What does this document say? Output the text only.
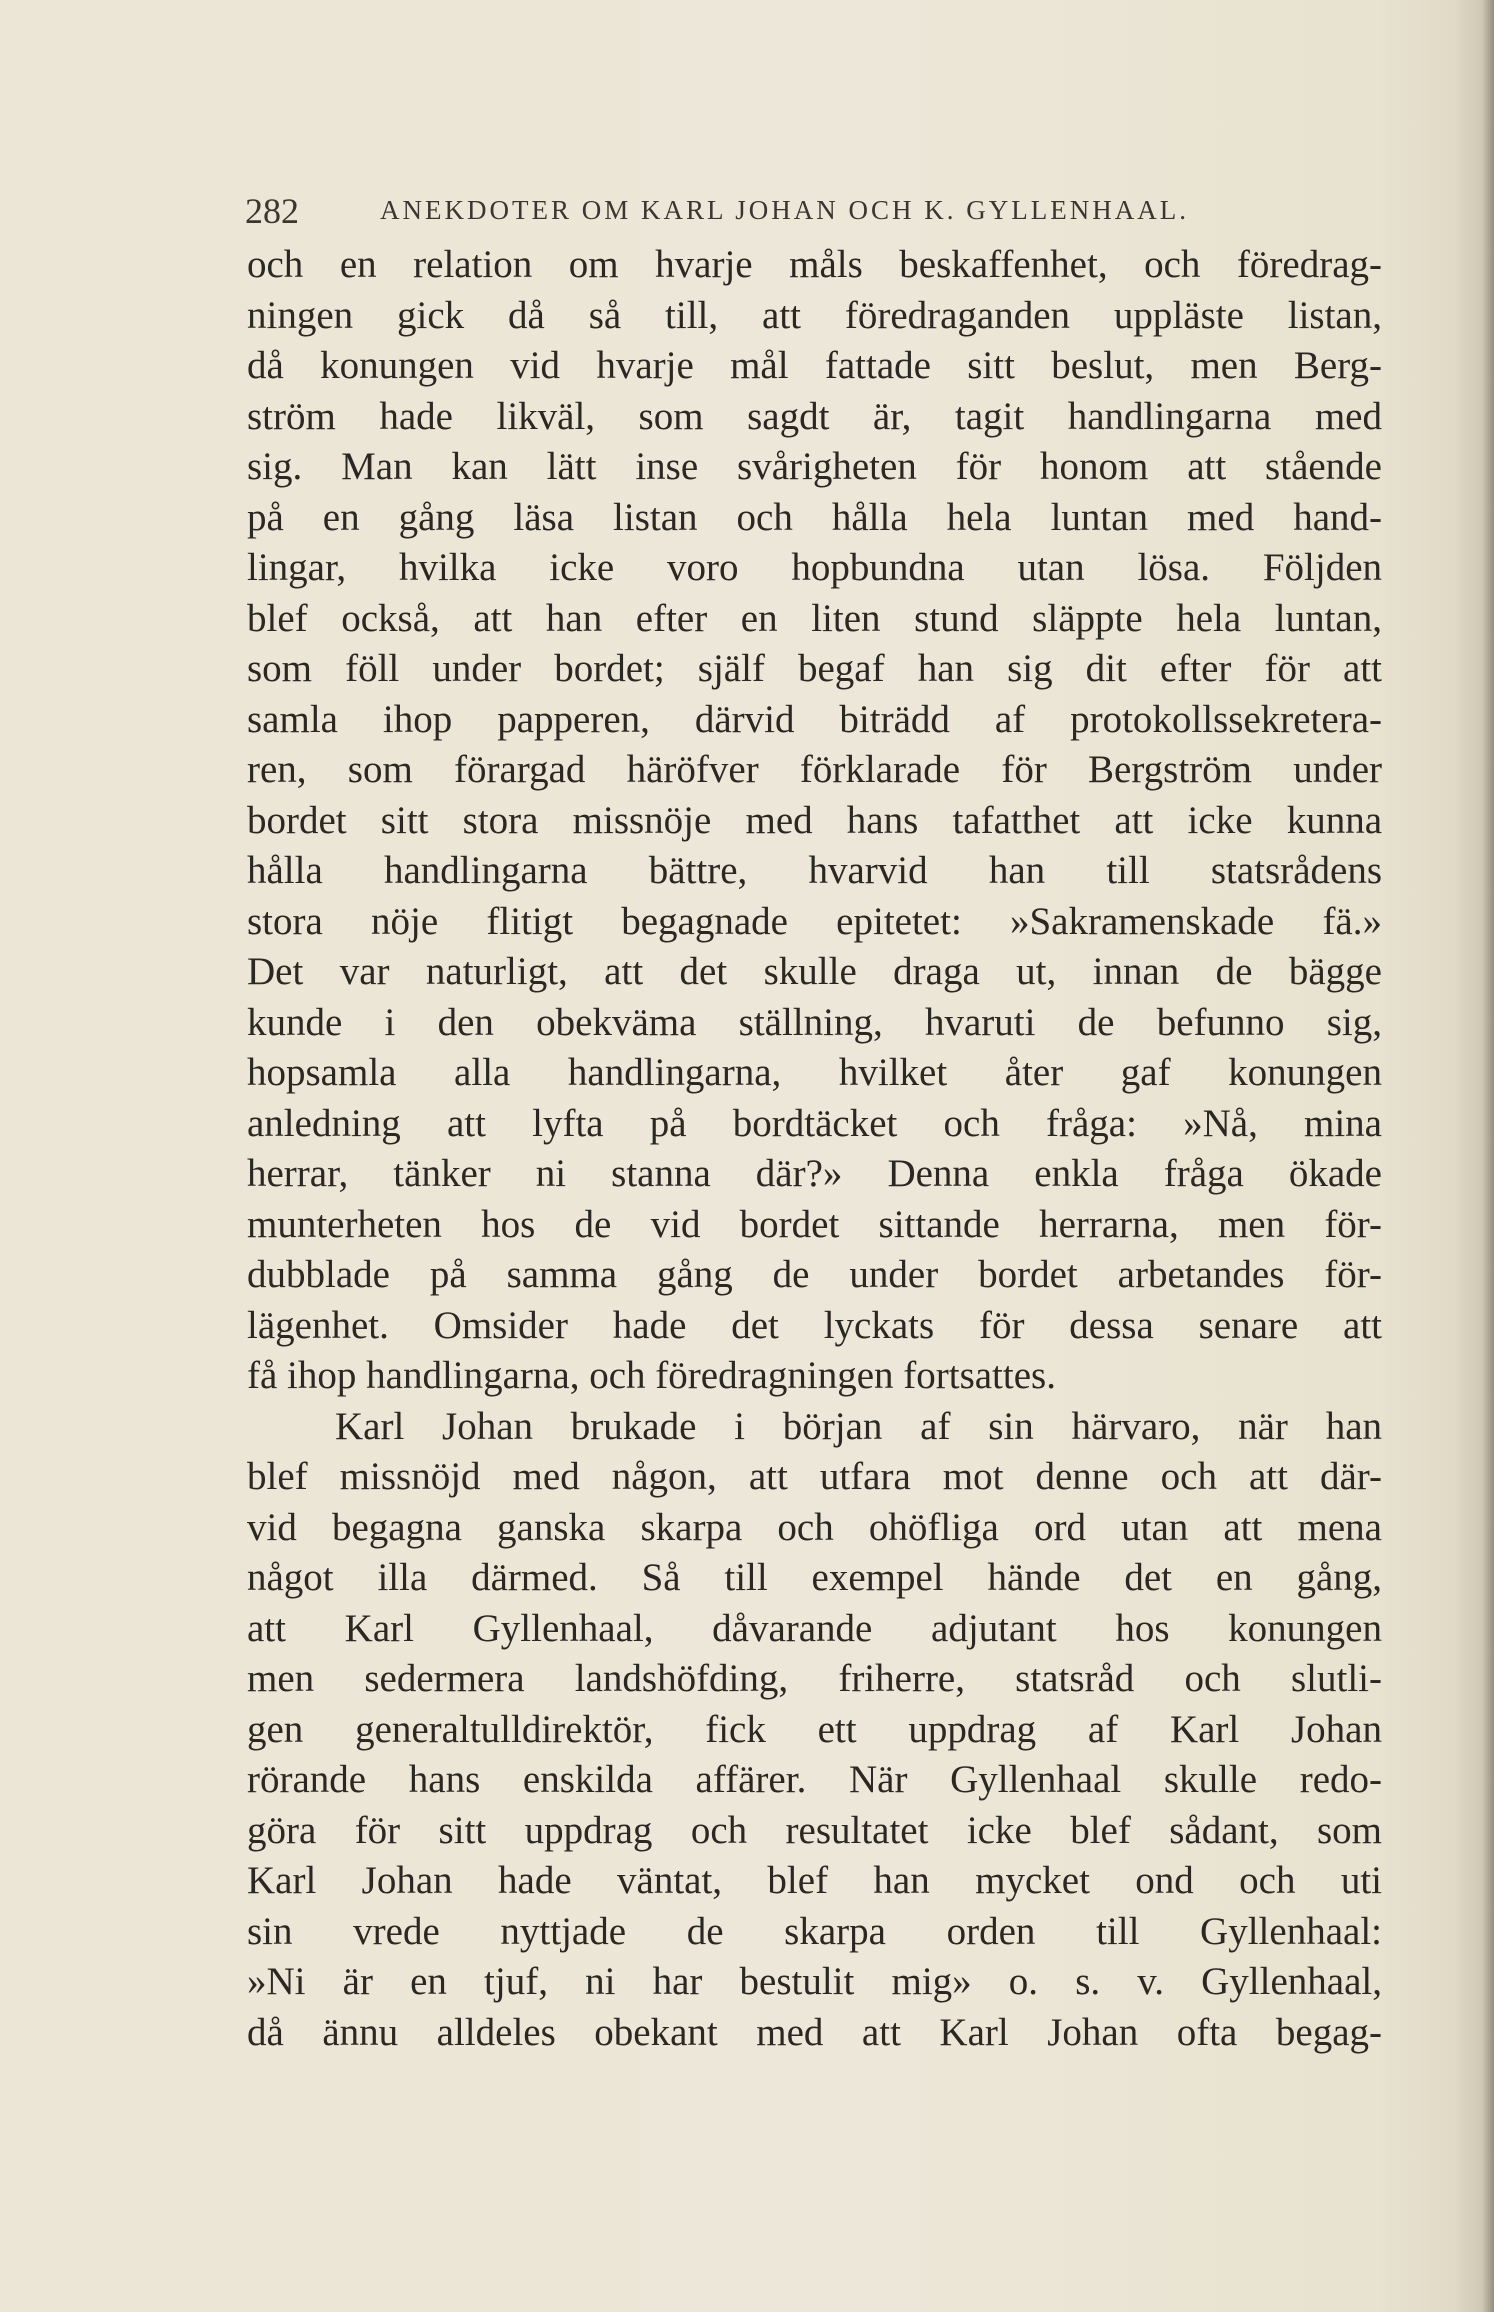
282	ANEKDOTER OM KARL JOHAN OCH K. GYLLENHAAL.
och en relation om hvarje måls beskaffenhet, och föredrag-
ningen gick då så till, att föredraganden uppläste listan,
då konungen vid hvarje mål fattade sitt beslut, men Berg-
ström hade likväl, som sagdt är, tagit handlingarna med
sig. Man kan lätt inse svårigheten för honom att stående
på en gång läsa listan och hålla hela luntan med hand-
lingar, hvilka icke voro hopbundna utan lösa. Följden
blef också, att han efter en liten stund släppte hela luntan,
som föll under bordet; själf begaf han sig dit efter för att
samla ihop papperen, därvid biträdd af protokollssekretera-
ren, som förargad häröfver förklarade för Bergström under
bordet sitt stora missnöje med hans tafatthet att icke kunna
hålla handlingarna bättre, hvarvid han till statsrådens
stora nöje flitigt begagnade epitetet: »Sakramenskade fä.»
Det var naturligt, att det skulle draga ut, innan de bägge
kunde i den obekväma ställning, hvaruti de befunno sig,
hopsamla alla handlingarna, hvilket åter gaf konungen
anledning att lyfta på bordtäcket och fråga: »Nå, mina
herrar, tänker ni stanna där?» Denna enkla fråga ökade
munterheten hos de vid bordet sittande herrarna, men för-
dubblade på samma gång de under bordet arbetandes för-
lägenhet. Omsider hade det lyckats för dessa senare att
få ihop handlingarna, och föredragningen fortsattes.
Karl Johan brukade i början af sin härvaro, när han
blef missnöjd med någon, att utfara mot denne och att där-
vid begagna ganska skarpa och ohöfliga ord utan att mena
något illa därmed. Så till exempel hände det en gång,
att Karl Gyllenhaal, dåvarande adjutant hos konungen
men sedermera landshöfding, friherre, statsråd och slutli-
gen generaltulldirektör, fick ett uppdrag af Karl Johan
rörande hans enskilda affärer. När Gyllenhaal skulle redo-
göra för sitt uppdrag och resultatet icke blef sådant, som
Karl Johan hade väntat, blef han mycket ond och uti
sin vrede nyttjade de skarpa orden till Gyllenhaal:
»Ni är en tjuf, ni har bestulit mig» o. s. v. Gyllenhaal,
då ännu alldeles obekant med att Karl Johan ofta begag-
